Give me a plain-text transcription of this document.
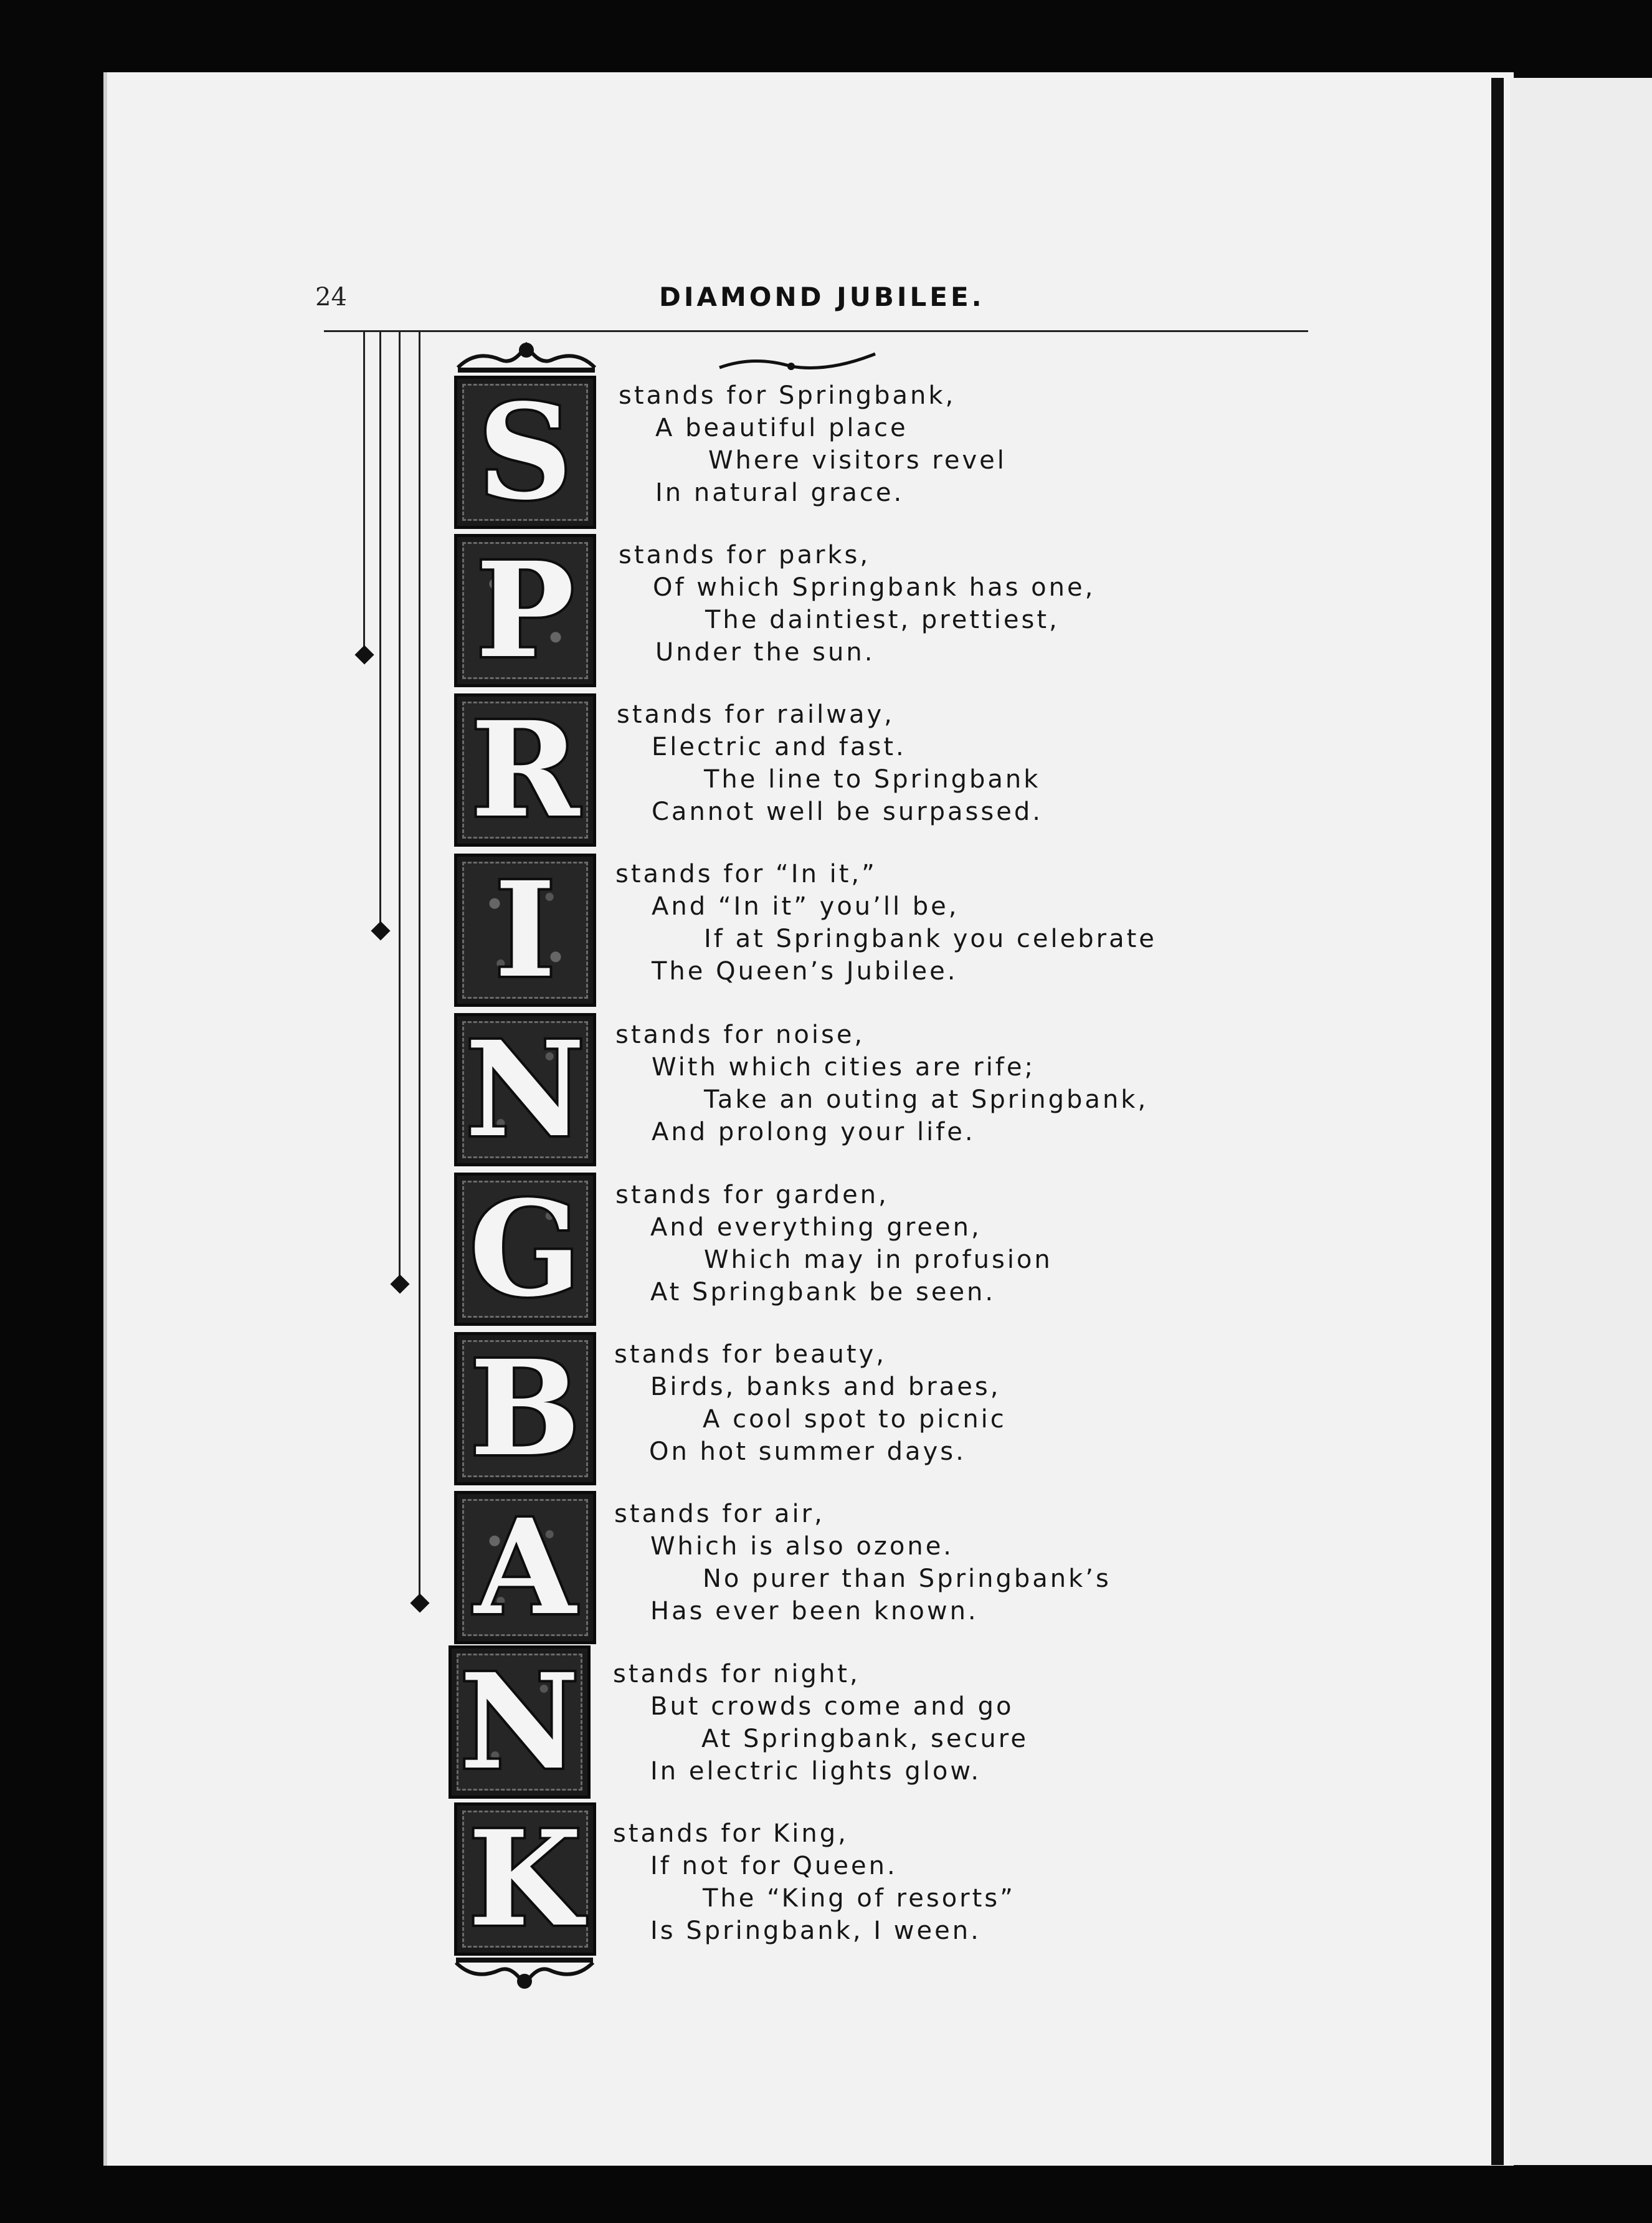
24	DIAMOND JUBILEE.
S	stands for Springbank,
A beautiful place
Where visitors revel
In natural grace.
P	stands for parks,
Of which Springbank has one,
The daintiest, prettiest,
Under the sun.
R	stands for railway,
Electric and fast.
The line to Springbank
Cannot well be surpassed.
I	stands for “In it,”
And “In it” you’ll be,
If at Springbank you celebrate
The Queen’s Jubilee.
N	stands for noise,
With which cities are rife;
Take an outing at Springbank,
And prolong your life.
G	stands for garden,
And everything green,
Which may in profusion
At Springbank be seen.
B	stands for beauty,
Birds, banks and braes,
A cool spot to picnic
On hot summer days.
A	stands for air,
Which is also ozone.
No purer than Springbank’s
Has ever been known.
N	stands for night,
But crowds come and go
At Springbank, secure
In electric lights glow.
K	stands for King,
If not for Queen.
The “King of resorts”
Is Springbank, I ween.
